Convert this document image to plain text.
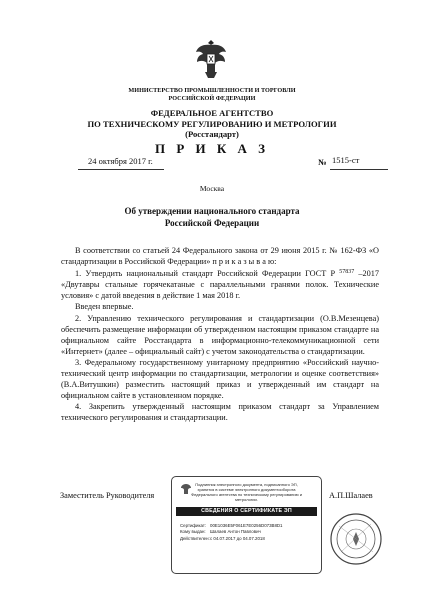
МИНИСТЕРСТВО ПРОМЫШЛЕННОСТИ И ТОРГОВЛИ
РОССИЙСКОЙ ФЕДЕРАЦИИ
ФЕДЕРАЛЬНОЕ АГЕНТСТВО
ПО ТЕХНИЧЕСКОМУ РЕГУЛИРОВАНИЮ И МЕТРОЛОГИИ
(Росстандарт)
П Р И К А З
24 октября 2017 г.	№ 1515-ст
Москва
Об утверждении национального стандарта
Российской Федерации

В соответствии со статьей 24 Федерального закона от 29 июня 2015 г. № 162-ФЗ «О стандартизации в Российской Федерации» п р и к а з ы в а ю:

1. Утвердить национальный стандарт Российской Федерации ГОСТ Р $^{57837}$ –2017 «Двутавры стальные горячекатаные с параллельными гранями полок. Технические условия» с датой введения в действие 1 мая 2018 г.

Введен впервые.

2. Управлению технического регулирования и стандартизации (О.В.Мезенцева) обеспечить размещение информации об утвержденном настоящим приказом стандарте на официальном сайте Росстандарта в информационно-телекоммуникационной сети «Интернет» (далее – официальный сайт) с учетом законодательства о стандартизации.

3. Федеральному государственному унитарному предприятию «Российский научно-технический центр информации по стандартизации, метрологии и оценке соответствия» (В.А.Витушкин) разместить настоящий приказ и утвержденный им стандарт на официальном сайте в установленном порядке.

4. Закрепить утвержденный настоящим приказом стандарт за Управлением технического регулирования и стандартизации.

Заместитель Руководителя	А.П.Шалаев
Подлинник электронного документа, подписанного ЭП,
хранится в системе электронного документооборота
Федерального агентства по техническому регулированию и
метрологии.
СВЕДЕНИЯ О СЕРТИФИКАТЕ ЭП
Сертификат: 00E1036E5F061E7E0256D073B8D1
Кому выдан: Шалаев Антон Павлович
Действителен:с 04.07.2017 до 04.07.2018
